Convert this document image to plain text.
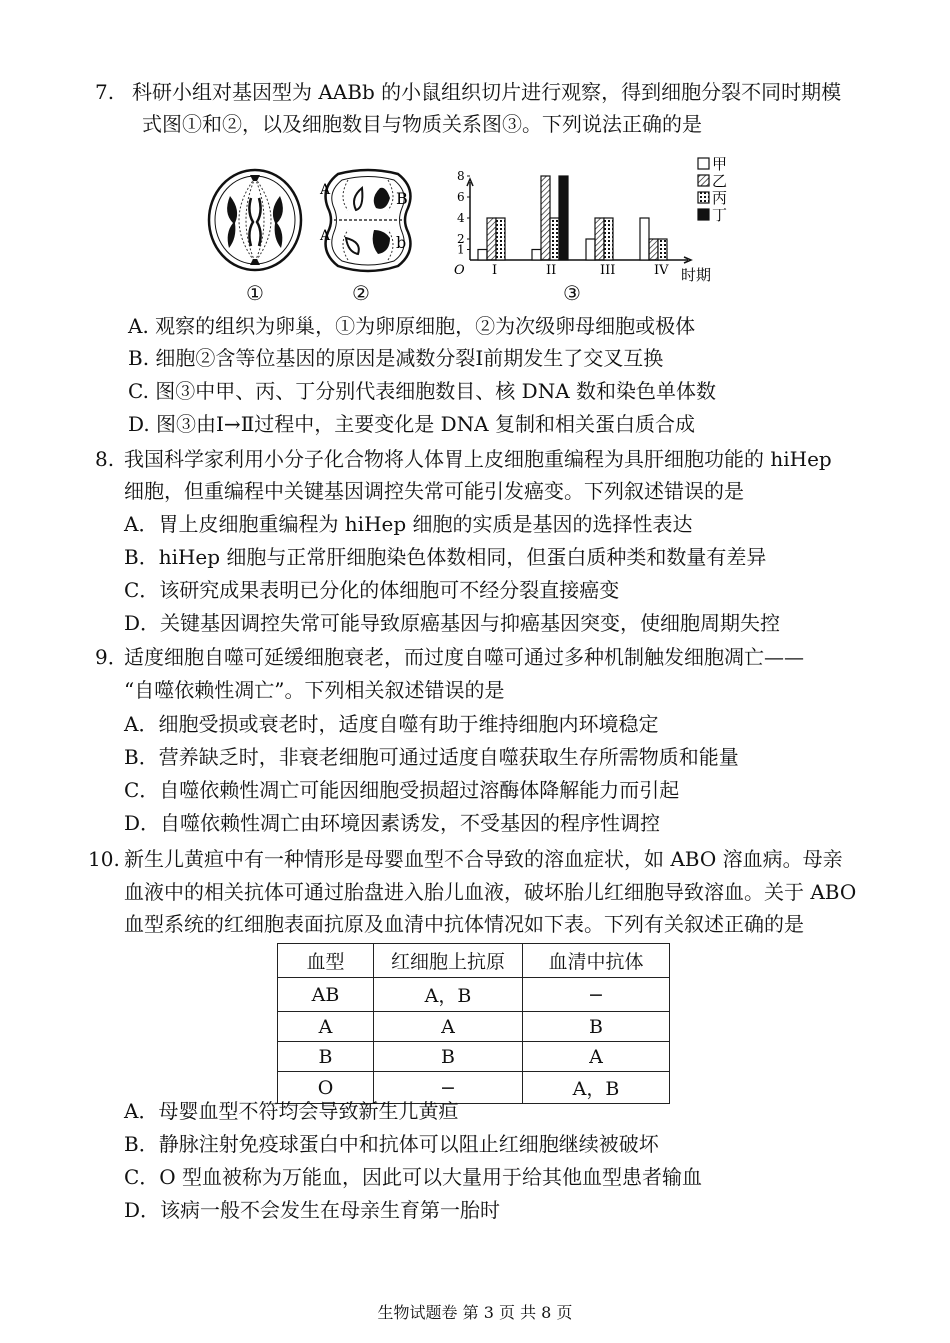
7. 科研小组对基因型为 AABb 的小鼠组织切片进行观察，得到细胞分裂不同时期模
式图①和②，以及细胞数目与物质关系图③。下列说法正确的是
A	B
A	b
①	②	③
O
1
2
4
6
8
时期
I	II	III	IV
甲
乙
丙
丁
A. 观察的组织为卵巢，①为卵原细胞，②为次级卵母细胞或极体
B. 细胞②含等位基因的原因是减数分裂Ⅰ前期发生了交叉互换
C. 图③中甲、丙、丁分别代表细胞数目、核 DNA 数和染色单体数
D. 图③由Ⅰ→Ⅱ过程中，主要变化是 DNA 复制和相关蛋白质合成
8. 我国科学家利用小分子化合物将人体胃上皮细胞重编程为具肝细胞功能的 hiHep
细胞，但重编程中关键基因调控失常可能引发癌变。下列叙述错误的是
A．胃上皮细胞重编程为 hiHep 细胞的实质是基因的选择性表达
B．hiHep 细胞与正常肝细胞染色体数相同，但蛋白质种类和数量有差异
C．该研究成果表明已分化的体细胞可不经分裂直接癌变
D．关键基因调控失常可能导致原癌基因与抑癌基因突变，使细胞周期失控
9．
适度细胞自噬可延缓细胞衰老，而过度自噬可通过多种机制触发细胞凋亡——
“自噬依赖性凋亡”。下列相关叙述错误的是
A．细胞受损或衰老时，适度自噬有助于维持细胞内环境稳定
B．营养缺乏时，非衰老细胞可通过适度自噬获取生存所需物质和能量
C．自噬依赖性凋亡可能因细胞受损超过溶酶体降解能力而引起
D．自噬依赖性凋亡由环境因素诱发，不受基因的程序性调控
10. 新生儿黄疸中有一种情形是母婴血型不合导致的溶血症状，如 ABO 溶血病。母亲
血液中的相关抗体可通过胎盘进入胎儿血液，破坏胎儿红细胞导致溶血。关于 ABO
血型系统的红细胞表面抗原及血清中抗体情况如下表。下列有关叙述正确的是
血型	红细胞上抗原	血清中抗体
AB	A，B	−
A	A	B
B	B	A
O	−	A，B
A．母婴血型不符均会导致新生儿黄疸
B．静脉注射免疫球蛋白中和抗体可以阻止红细胞继续被破坏
C．O 型血被称为万能血，因此可以大量用于给其他血型患者输血
D．该病一般不会发生在母亲生育第一胎时
生物试题卷 第 3 页 共 8 页
